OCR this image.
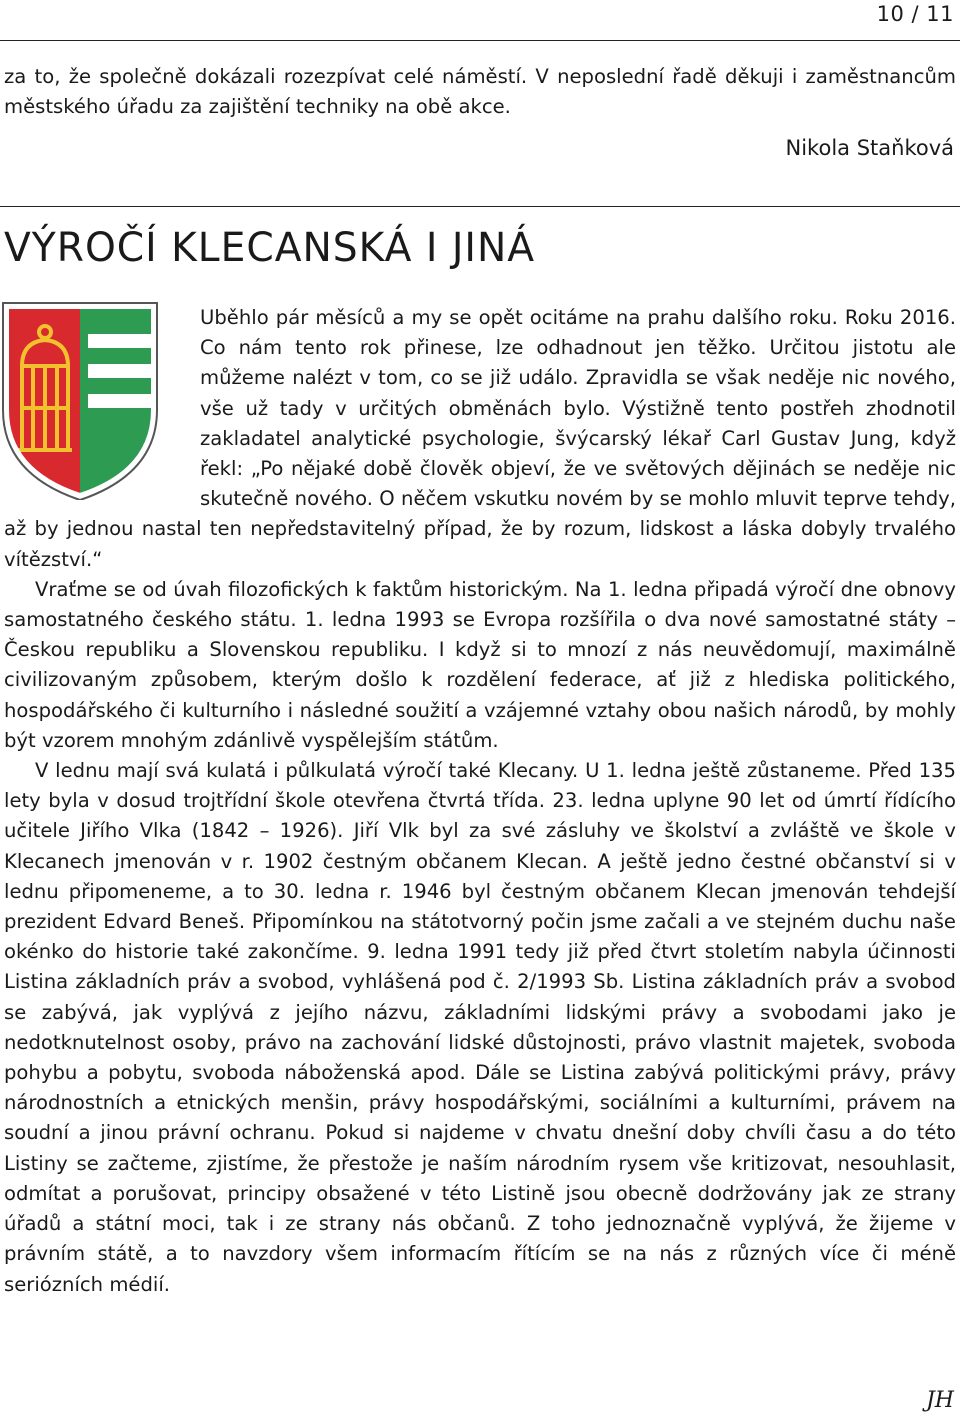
10 / 11

za to, že společně dokázali rozezpívat celé náměstí. V neposlední řadě děkuji i zaměstnancům městského úřadu za zajištění techniky na obě akce.

Nikola Staňková
VÝROČÍ KLECANSKÁ I JINÁ

Uběhlo pár měsíců a my se opět ocitáme na prahu dalšího roku. Roku 2016. Co nám tento rok přinese, lze odhadnout jen těžko. Určitou jistotu ale můžeme nalézt v tom, co se již událo. Zpravidla se však neděje nic nového, vše už tady v určitých obměnách bylo. Výstižně tento postřeh zhodnotil zakladatel analytické psychologie, švýcarský lékař Carl Gustav Jung, když řekl: „Po nějaké době člověk objeví, že ve světových dějinách se neděje nic skutečně nového. O něčem vskutku novém by se mohlo mluvit teprve tehdy, až by jednou nastal ten nepředstavitelný případ, že by rozum, lidskost a láska dobyly trvalého vítězství.“

Vraťme se od úvah filozofických k faktům historickým. Na 1. ledna připadá výročí dne obnovy samostatného českého státu. 1. ledna 1993 se Evropa rozšířila o dva nové samostatné státy – Českou republiku a Slovenskou republiku. I když si to mnozí z nás neuvědomují, maximálně civilizovaným způsobem, kterým došlo k rozdělení federace, ať již z hlediska politického, hospodářského či kulturního i následné soužití a vzájemné vztahy obou našich národů, by mohly být vzorem mnohým zdánlivě vyspělejším státům.

V lednu mají svá kulatá i půlkulatá výročí také Klecany. U 1. ledna ještě zůstaneme. Před 135 lety byla v dosud trojtřídní škole otevřena čtvrtá třída. 23. ledna uplyne 90 let od úmrtí řídícího učitele Jiřího Vlka (1842 – 1926). Jiří Vlk byl za své zásluhy ve školství a zvláště ve škole v Klecanech jmenován v r. 1902 čestným občanem Klecan. A ještě jedno čestné občanství si v lednu připomeneme, a to 30. ledna r. 1946 byl čestným občanem Klecan jmenován tehdejší prezident Edvard Beneš. Připomínkou na státotvorný počin jsme začali a ve stejném duchu naše okénko do historie také zakončíme. 9. ledna 1991 tedy již před čtvrt stoletím nabyla účinnosti Listina základních práv a svobod, vyhlášená pod č. 2/1993 Sb. Listina základních práv a svobod se zabývá, jak vyplývá z jejího názvu, základními lidskými právy a svobodami jako je nedotknutelnost osoby, právo na zachování lidské důstojnosti, právo vlastnit majetek, svoboda pohybu a pobytu, svoboda náboženská apod. Dále se Listina zabývá politickými právy, právy národnostních a etnických menšin, právy hospodářskými, sociálními a kulturními, právem na soudní a jinou právní ochranu. Pokud si najdeme v chvatu dnešní doby chvíli času a do této Listiny se začteme, zjistíme, že přestože je naším národním rysem vše kritizovat, nesouhlasit, odmítat a porušovat, principy obsažené v této Listině jsou obecně dodržovány jak ze strany úřadů a státní moci, tak i ze strany nás občanů. Z toho jednoznačně vyplývá, že žijeme v právním státě, a to navzdory všem informacím řítícím se na nás z různých více či méně seriózních médií.

JH
